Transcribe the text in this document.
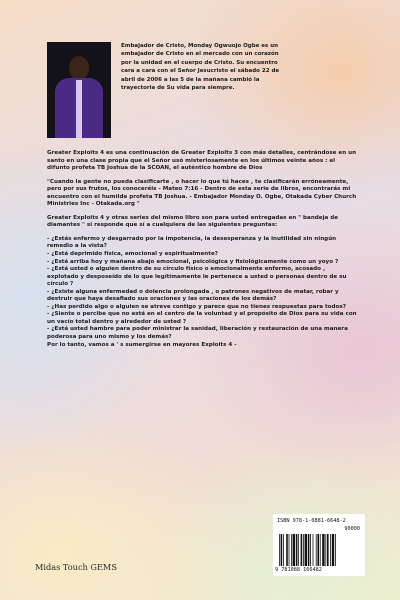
Embajador de Cristo, Monday Ogwuojo Ogbe es un embajador de Cristo en el mercado con un corazón por la unidad en el cuerpo de Cristo. Su encuentro cara a cara con el Señor Jesucristo el sábado 22 de abril de 2006 a las 5 de la mañana cambió la trayectoria de Su vida para siempre.

Greater Exploits 4 es una continuación de Greater Exploits 3 con más detalles, centrándose en un santo en una clase propia que el Señor usó misteriosamente en los últimos veinte años : el difunto profeta TB Joshua de la SCOAN, el auténtico hombre de Dios

"Cuando la gente no pueda clasificarte , o hacer lo que tú haces , te clasificarán erróneamente, pero por sus frutos, los conoceréis - Mateo 7:16 - Dentro de esta serie de libros, encontrarás mi encuentro con el humilde profeta TB Joshua. - Embajador Monday O. Ogbe, Otakada Cyber Church Ministries Inc - Otakada.org "

Greater Exploits 4 y otras series del mismo libro son para usted entregadas en " bandeja de diamantes " si responde que sí a cualquiera de las siguientes preguntas:

- ¿Estás enfermo y desgarrado por la impotencia, la desesperanza y la inutilidad sin ningún remedio a la vista?
- ¿Está deprimido física, emocional y espiritualmente?
- ¿Está arriba hoy y mañana abajo emocional, psicológica y fisiológicamente como un yoyo ?
- ¿Está usted o alguien dentro de su círculo físico o emocionalmente enfermo, acosado , explotado y desposeído de lo que legítimamente le pertenece a usted o personas dentro de su círculo ?
- ¿Existe alguna enfermedad o dolencia prolongada , o patrones negativos de matar, robar y destruir que haya desafiado sus oraciones y las oraciones de los demás?
- ¿Has perdido algo o alguien se atreve contigo y parece que no tienes respuestas para todos?
- ¿Siente o percibe que no está en el centro de la voluntad y el propósito de Dios para su vida con un vacío total dentro y alrededor de usted ?
- ¿Está usted hambre para poder ministrar la sanidad, liberación y restauración de una manera poderosa para uno mismo y los demás?
Por lo tanto, vamos a ' s sumergirse en mayores Exploits 4 -
ISBN 978-1-0881-6648-2
90000
9 781088 166482
Midas Touch GEMS
